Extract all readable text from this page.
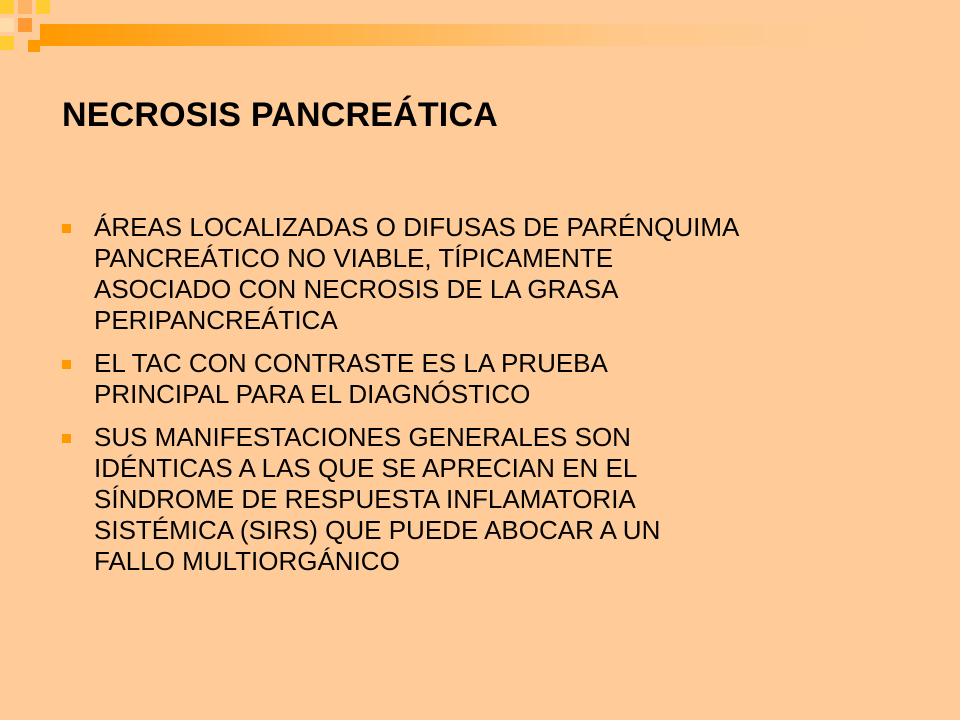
NECROSIS PANCREÁTICA
ÁREAS LOCALIZADAS O DIFUSAS DE PARÉNQUIMA
PANCREÁTICO NO VIABLE, TÍPICAMENTE
ASOCIADO CON NECROSIS DE LA GRASA
PERIPANCREÁTICA
EL TAC CON CONTRASTE ES LA PRUEBA
PRINCIPAL PARA EL DIAGNÓSTICO
SUS MANIFESTACIONES GENERALES SON
IDÉNTICAS A LAS QUE SE APRECIAN EN EL
SÍNDROME DE RESPUESTA INFLAMATORIA
SISTÉMICA (SIRS) QUE PUEDE ABOCAR A UN
FALLO MULTIORGÁNICO
